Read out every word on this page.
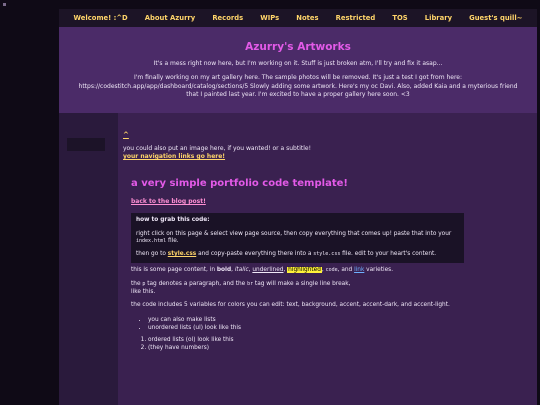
Welcome! :^D	About Azurry	Records	WIPs	Notes	Restricted	TOS	Library	Guest's quill~
Azurry's Artworks

It's a mess right now here, but I'm working on it. Stuff is just broken atm, I'll try and fix it asap...

I'm finally working on my art gallery here. The sample photos will be removed. It's just a test I got from here: https://codestitch.app/app/dashboard/catalog/sections/5 Slowly adding some artwork. Here's my oc Davi. Also, added Kaia and a myterious friend that I painted last year. I'm excited to have a proper gallery here soon. <3

^
you could also put an image here, if you wanted! or a subtitle!
your navigation links go here!
a very simple portfolio code template!
back to the blog post!

how to grab this code:

right click on this page & select view page source, then copy everything that comes up! paste that into your index.html file.

then go to style.css and copy-paste everything there into a style.css file. edit to your heart's content.

this is some page content, in bold, italic, underlined, highlighted, code, and link varieties.

the p tag denotes a paragraph, and the br tag will make a single line break,
like this.

the code includes 5 variables for colors you can edit: text, background, accent, accent-dark, and accent-light.

• you can also make lists
• unordered lists (ul) look like this
1. ordered lists (ol) look like this
2. (they have numbers)
